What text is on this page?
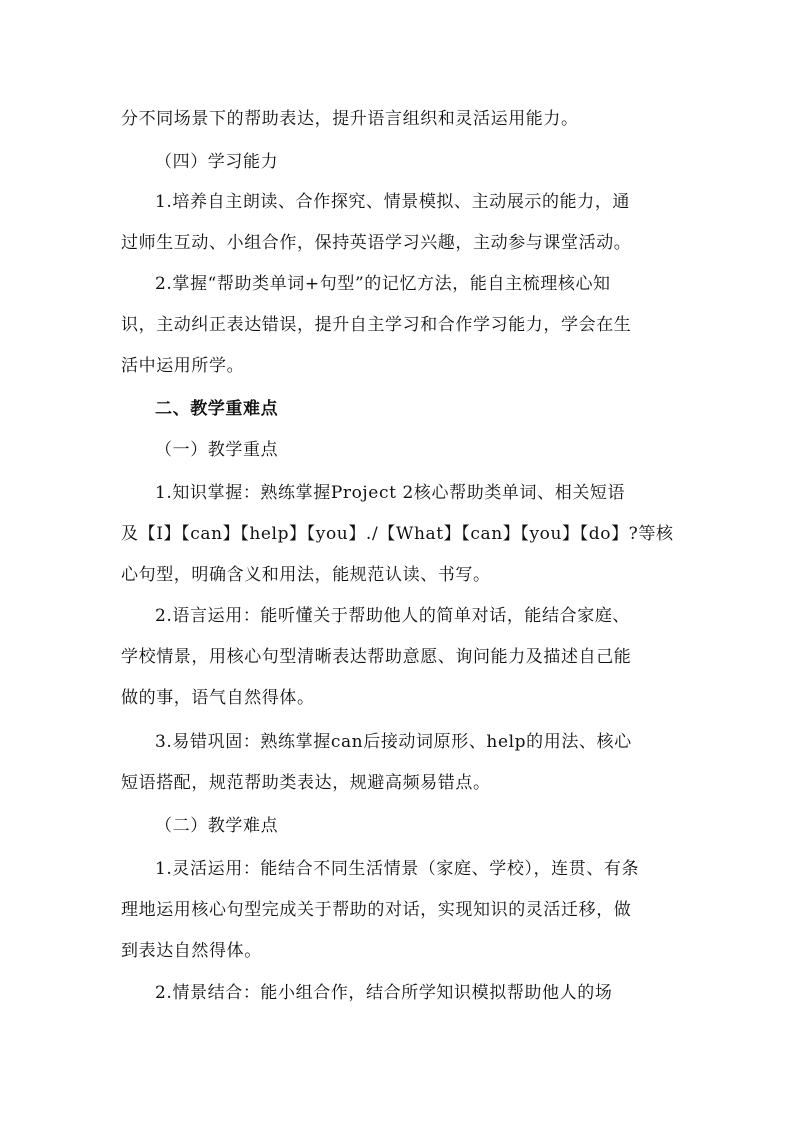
分不同场景下的帮助表达，提升语言组织和灵活运用能力。
（四）学习能力
1.培养自主朗读、合作探究、情景模拟、主动展示的能力，通
过师生互动、小组合作，保持英语学习兴趣，主动参与课堂活动。
2.掌握“帮助类单词+句型”的记忆方法，能自主梳理核心知
识，主动纠正表达错误，提升自主学习和合作学习能力，学会在生
活中运用所学。
二、教学重难点
（一）教学重点
1.知识掌握：熟练掌握Project 2核心帮助类单词、相关短语
及【I】【can】【help】【you】./【What】【can】【you】【do】?等核
心句型，明确含义和用法，能规范认读、书写。
2.语言运用：能听懂关于帮助他人的简单对话，能结合家庭、
学校情景，用核心句型清晰表达帮助意愿、询问能力及描述自己能
做的事，语气自然得体。
3.易错巩固：熟练掌握can后接动词原形、help的用法、核心
短语搭配，规范帮助类表达，规避高频易错点。
（二）教学难点
1.灵活运用：能结合不同生活情景（家庭、学校），连贯、有条
理地运用核心句型完成关于帮助的对话，实现知识的灵活迁移，做
到表达自然得体。
2.情景结合：能小组合作，结合所学知识模拟帮助他人的场
